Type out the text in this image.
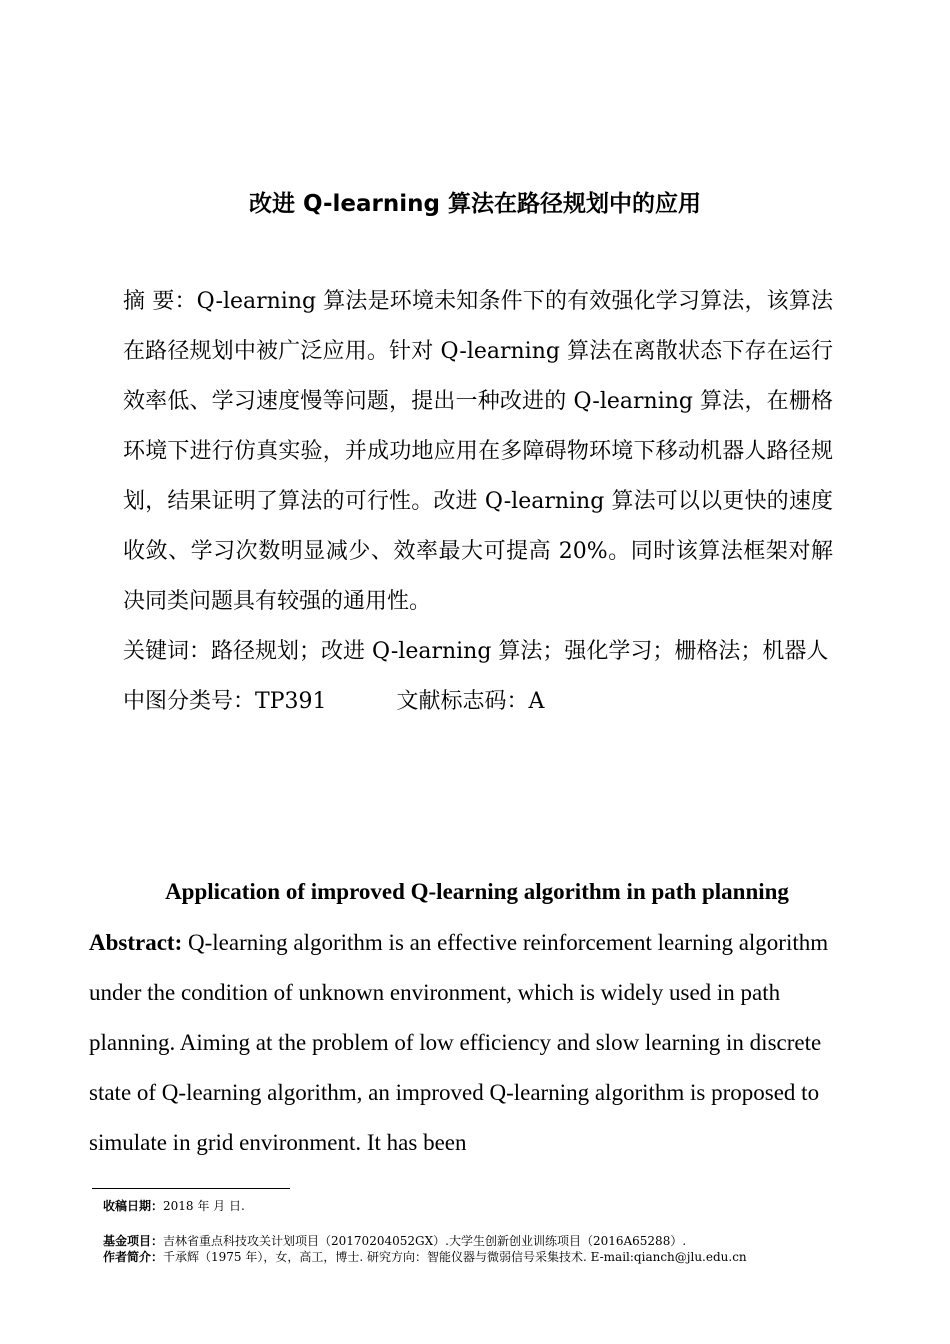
改进 Q-learning 算法在路径规划中的应用

摘 要：Q-learning 算法是环境未知条件下的有效强化学习算法，该算法在路径规划中被广泛应用。针对 Q-learning 算法在离散状态下存在运行效率低、学习速度慢等问题，提出一种改进的 Q-learning 算法，在栅格环境下进行仿真实验，并成功地应用在多障碍物环境下移动机器人路径规划，结果证明了算法的可行性。改进 Q-learning 算法可以以更快的速度收敛、学习次数明显减少、效率最大可提高 20%。同时该算法框架对解决同类问题具有较强的通用性。

关键词：路径规划；改进 Q-learning 算法；强化学习；栅格法；机器人

中图分类号：TP391	文献标志码：A

Application of improved Q-learning algorithm in path planning

Abstract: Q-learning algorithm is an effective reinforcement learning algorithm under the condition of unknown environment, which is widely used in path planning. Aiming at the problem of low efficiency and slow learning in discrete state of Q-learning algorithm, an improved Q-learning algorithm is proposed to simulate in grid environment. It has been

收稿日期：2018 年 月 日.
基金项目：吉林省重点科技攻关计划项目（20170204052GX）.大学生创新创业训练项目（2016A65288）.
作者简介：千承辉（1975 年），女，高工，博士. 研究方向：智能仪器与微弱信号采集技术. E-mail:qianch@jlu.edu.cn
